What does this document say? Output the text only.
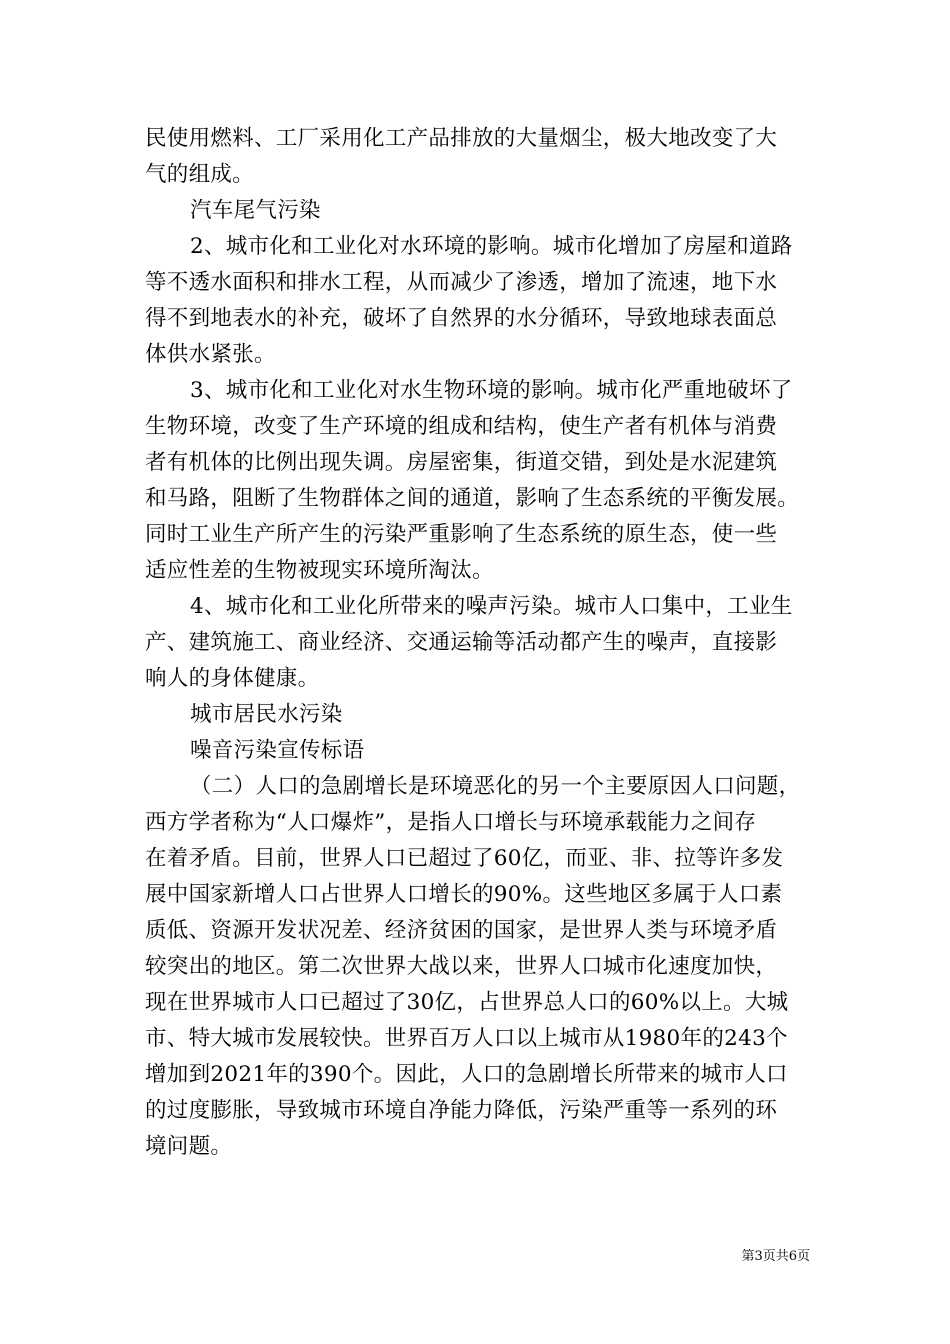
民使用燃料、工厂采用化工产品排放的大量烟尘，极大地改变了大
气的组成。
汽车尾气污染
2、城市化和工业化对水环境的影响。城市化增加了房屋和道路
等不透水面积和排水工程，从而减少了渗透，增加了流速，地下水
得不到地表水的补充，破坏了自然界的水分循环，导致地球表面总
体供水紧张。
3、城市化和工业化对水生物环境的影响。城市化严重地破坏了
生物环境，改变了生产环境的组成和结构，使生产者有机体与消费
者有机体的比例出现失调。房屋密集，街道交错，到处是水泥建筑
和马路，阻断了生物群体之间的通道，影响了生态系统的平衡发展。
同时工业生产所产生的污染严重影响了生态系统的原生态，使一些
适应性差的生物被现实环境所淘汰。
4、城市化和工业化所带来的噪声污染。城市人口集中，工业生
产、建筑施工、商业经济、交通运输等活动都产生的噪声，直接影
响人的身体健康。
城市居民水污染
噪音污染宣传标语
（二）人口的急剧增长是环境恶化的另一个主要原因人口问题，
西方学者称为“人口爆炸”，是指人口增长与环境承载能力之间存
在着矛盾。目前，世界人口已超过了60亿，而亚、非、拉等许多发
展中国家新增人口占世界人口增长的90%。这些地区多属于人口素
质低、资源开发状况差、经济贫困的国家，是世界人类与环境矛盾
较突出的地区。第二次世界大战以来，世界人口城市化速度加快，
现在世界城市人口已超过了30亿，占世界总人口的60%以上。大城
市、特大城市发展较快。世界百万人口以上城市从1980年的243个
增加到2021年的390个。因此，人口的急剧增长所带来的城市人口
的过度膨胀，导致城市环境自净能力降低，污染严重等一系列的环
境问题。
第3页共6页
